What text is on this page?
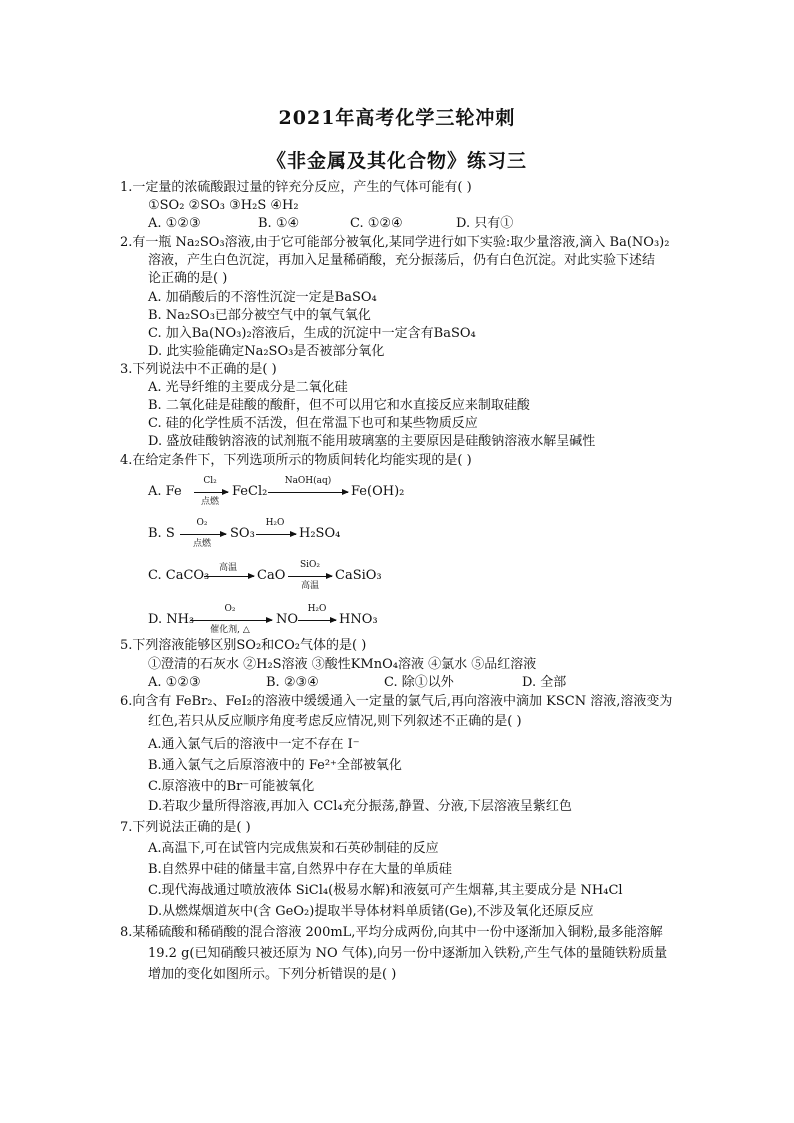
2021年高考化学三轮冲刺
《非金属及其化合物》练习三
1.一定量的浓硫酸跟过量的锌充分反应，产生的气体可能有( )
①SO₂ ②SO₃ ③H₂S ④H₂
A. ①②③	B. ①④	C. ①②④	D. 只有①
2.有一瓶 Na₂SO₃溶液,由于它可能部分被氧化,某同学进行如下实验:取少量溶液,滴入 Ba(NO₃)₂
溶液，产生白色沉淀，再加入足量稀硝酸，充分振荡后，仍有白色沉淀。对此实验下述结
论正确的是( )
A. 加硝酸后的不溶性沉淀一定是BaSO₄
B. Na₂SO₃已部分被空气中的氧气氧化
C. 加入Ba(NO₃)₂溶液后，生成的沉淀中一定含有BaSO₄
D. 此实验能确定Na₂SO₃是否被部分氧化
3.下列说法中不正确的是( )
A. 光导纤维的主要成分是二氧化硅
B. 二氧化硅是硅酸的酸酐，但不可以用它和水直接反应来制取硅酸
C. 硅的化学性质不活泼，但在常温下也可和某些物质反应
D. 盛放硅酸钠溶液的试剂瓶不能用玻璃塞的主要原因是硅酸钠溶液水解呈碱性
4.在给定条件下，下列选项所示的物质间转化均能实现的是( )
A. Fe
Cl₂
点燃
FeCl₂
NaOH(aq)
Fe(OH)₂
B. S
O₂
点燃
SO₃
H₂O
H₂SO₄
C. CaCO₃	高温	CaO
SiO₂
高温
CaSiO₃
D. NH₃
O₂
催化剂, △
NO
H₂O
HNO₃
5.下列溶液能够区别SO₂和CO₂气体的是( )
①澄清的石灰水 ②H₂S溶液 ③酸性KMnO₄溶液 ④氯水 ⑤品红溶液
A. ①②③	B. ②③④	C. 除①以外	D. 全部
6.向含有 FeBr₂、FeI₂的溶液中缓缓通入一定量的氯气后,再向溶液中滴加 KSCN 溶液,溶液变为
红色,若只从反应顺序角度考虑反应情况,则下列叙述不正确的是( )
A.通入氯气后的溶液中一定不存在 I⁻
B.通入氯气之后原溶液中的 Fe²⁺全部被氧化
C.原溶液中的Br⁻可能被氧化
D.若取少量所得溶液,再加入 CCl₄充分振荡,静置、分液,下层溶液呈紫红色
7.下列说法正确的是( )
A.高温下,可在试管内完成焦炭和石英砂制硅的反应
B.自然界中硅的储量丰富,自然界中存在大量的单质硅
C.现代海战通过喷放液体 SiCl₄(极易水解)和液氨可产生烟幕,其主要成分是 NH₄Cl
D.从燃煤烟道灰中(含 GeO₂)提取半导体材料单质锗(Ge),不涉及氧化还原反应
8.某稀硫酸和稀硝酸的混合溶液 200mL,平均分成两份,向其中一份中逐渐加入铜粉,最多能溶解
19.2 g(已知硝酸只被还原为 NO 气体),向另一份中逐渐加入铁粉,产生气体的量随铁粉质量
增加的变化如图所示。下列分析错误的是( )
